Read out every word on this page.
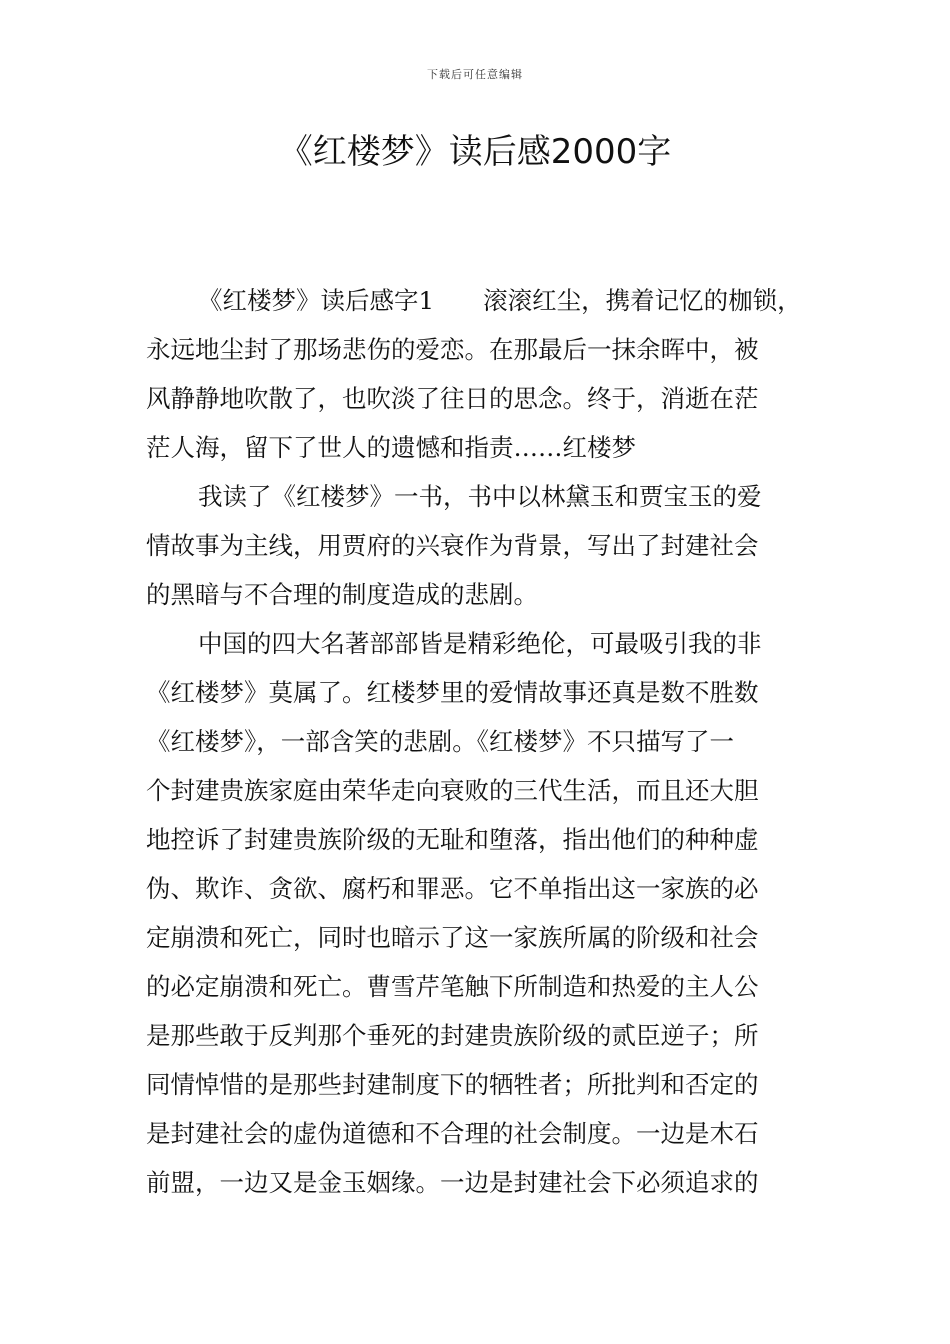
下载后可任意编辑
《红楼梦》读后感2000字
《红楼梦》读后感字1　　滚滚红尘，携着记忆的枷锁，
永远地尘封了那场悲伤的爱恋。在那最后一抹余晖中，被
风静静地吹散了，也吹淡了往日的思念。终于，消逝在茫
茫人海，留下了世人的遗憾和指责……红楼梦
我读了《红楼梦》一书，书中以林黛玉和贾宝玉的爱
情故事为主线，用贾府的兴衰作为背景，写出了封建社会
的黑暗与不合理的制度造成的悲剧。
中国的四大名著部部皆是精彩绝伦，可最吸引我的非
《红楼梦》莫属了。红楼梦里的爱情故事还真是数不胜数
《红楼梦》，一部含笑的悲剧。《红楼梦》不只描写了一
个封建贵族家庭由荣华走向衰败的三代生活，而且还大胆
地控诉了封建贵族阶级的无耻和堕落，指出他们的种种虚
伪、欺诈、贪欲、腐朽和罪恶。它不单指出这一家族的必
定崩溃和死亡，同时也暗示了这一家族所属的阶级和社会
的必定崩溃和死亡。曹雪芹笔触下所制造和热爱的主人公
是那些敢于反判那个垂死的封建贵族阶级的贰臣逆子；所
同情悼惜的是那些封建制度下的牺牲者；所批判和否定的
是封建社会的虚伪道德和不合理的社会制度。一边是木石
前盟，一边又是金玉姻缘。一边是封建社会下必须追求的
